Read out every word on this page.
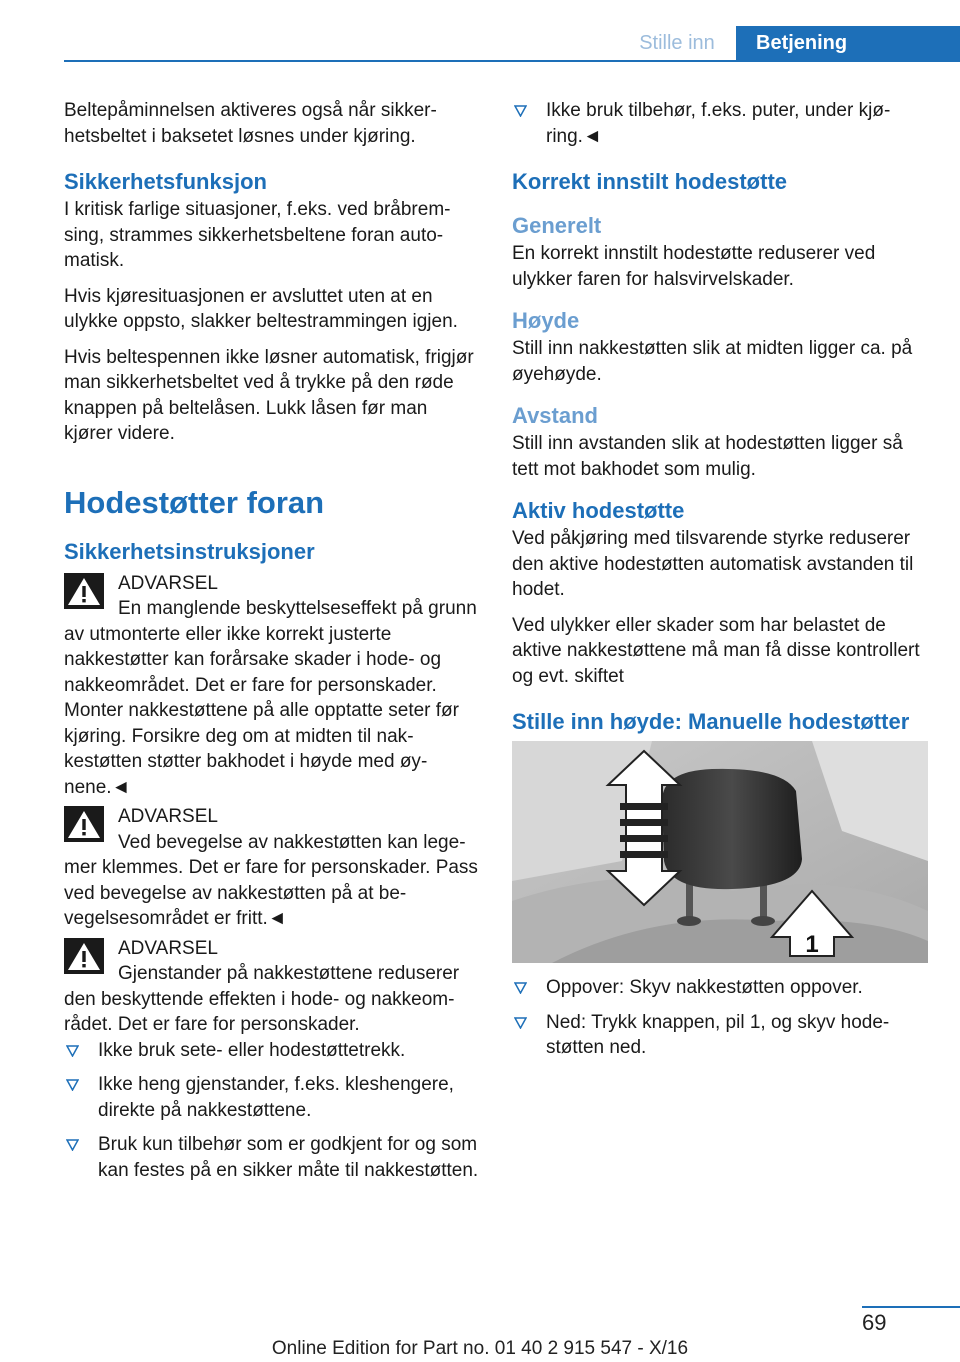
Stille inn	Betjening

Beltepåminnelsen aktiveres også når sikkerhetsbeltet i baksetet løsnes under kjøring.

Sikkerhetsfunksjon

I kritisk farlige situasjoner, f.eks. ved bråbremsing, strammes sikkerhetsbeltene foran automatisk.

Hvis kjøresituasjonen er avsluttet uten at en ulykke oppsto, slakker beltestrammingen igjen.

Hvis beltespennen ikke løsner automatisk, frigjør man sikkerhetsbeltet ved å trykke på den røde knappen på beltelåsen. Lukk låsen før man kjører videre.

Hodestøtter foran
Sikkerhetsinstruksjoner
ADVARSEL
En manglende beskyttelseseffekt på grunn av utmonterte eller ikke korrekt justerte nakkestøtter kan forårsake skader i hode- og nakkeområdet. Det er fare for personskader. Monter nakkestøttene på alle opptatte seter før kjøring. Forsikre deg om at midten til nakkestøtten støtter bakhodet i høyde med øynene.◄
ADVARSEL
Ved bevegelse av nakkestøtten kan legemer klemmes. Det er fare for personskader. Pass ved bevegelse av nakkestøtten på at bevegelsesområdet er fritt.◄
ADVARSEL
Gjenstander på nakkestøttene reduserer den beskyttende effekten i hode- og nakkeområdet. Det er fare for personskader.
Ikke bruk sete- eller hodestøttetrekk.
Ikke heng gjenstander, f.eks. kleshengere, direkte på nakkestøttene.
Bruk kun tilbehør som er godkjent for og som kan festes på en sikker måte til nakkestøtten.
Ikke bruk tilbehør, f.eks. puter, under kjøring.◄
Korrekt innstilt hodestøtte
Generelt

En korrekt innstilt hodestøtte reduserer ved ulykker faren for halsvirvelskader.

Høyde

Still inn nakkestøtten slik at midten ligger ca. på øyehøyde.

Avstand

Still inn avstanden slik at hodestøtten ligger så tett mot bakhodet som mulig.

Aktiv hodestøtte

Ved påkjøring med tilsvarende styrke reduserer den aktive hodestøtten automatisk avstanden til hodet.

Ved ulykker eller skader som har belastet de aktive nakkestøttene må man få disse kontrollert og evt. skiftet

Stille inn høyde: Manuelle hodestøtter
1
Oppover: Skyv nakkestøtten oppover.
Ned: Trykk knappen, pil 1, og skyv hodestøtten ned.
69
Online Edition for Part no. 01 40 2 915 547 - X/16
